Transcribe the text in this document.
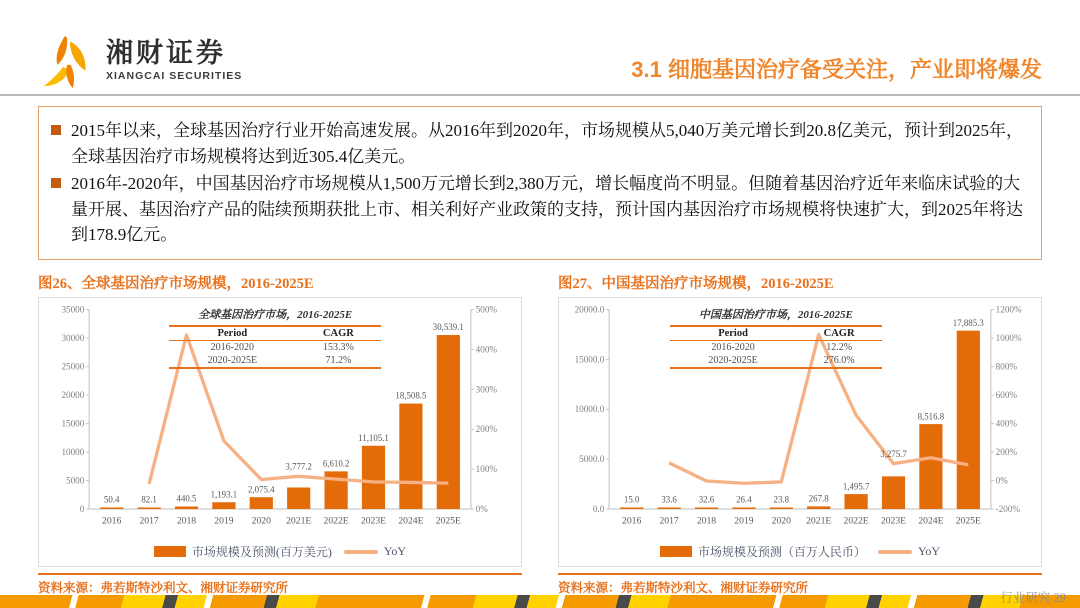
湘财证券
XIANGCAI SECURITIES	3.1 细胞基因治疗备受关注，产业即将爆发
2015年以来，全球基因治疗行业开始高速发展。从2016年到2020年，市场规模从5,040万美元增长到20.8亿美元，预计到2025年，全球基因治疗市场规模将达到近305.4亿美元。
2016年-2020年，中国基因治疗市场规模从1,500万元增长到2,380万元，增长幅度尚不明显。但随着基因治疗近年来临床试验的大量开展、基因治疗产品的陆续预期获批上市、相关利好产业政策的支持，预计国内基因治疗市场规模将快速扩大，到2025年将达到178.9亿元。
图26、全球基因治疗市场规模，2016-2025E
0
5000
10000
15000
20000
25000
30000
35000
0%
100%
200%
300%
400%
500%
2016 2017 2018 2019 2020 2021E 2022E 2023E 2024E 2025E
50.4 82.1 440.5 1,193.1
2,075.4
3,777.2 6,610.2
11,105.1
18,508.5
30,539.1
全球基因治疗市场，2016-2025E
Period	CAGR
2016-2020	153.3%
2020-2025E	71.2%
市场规模及预测(百万美元)	YoY
资料来源：弗若斯特沙利文、湘财证券研究所
图27、中国基因治疗市场规模，2016-2025E
0.0
5000.0
10000.0
15000.0
20000.0
-200%
0%
200%
400%
600%
800%
1000%
1200%
2016 2017 2018 2019 2020 2021E 2022E 2023E 2024E 2025E
15.0 33.6 32.6 26.4 23.8 267.8
1,495.7
3,275.7
8,516.8
17,885.3
中国基因治疗市场，2016-2025E
Period	CAGR
2016-2020	12.2%
2020-2025E	276.0%
市场规模及预测（百万人民币）	YoY
资料来源：弗若斯特沙利文、湘财证券研究所
行业研究 29
